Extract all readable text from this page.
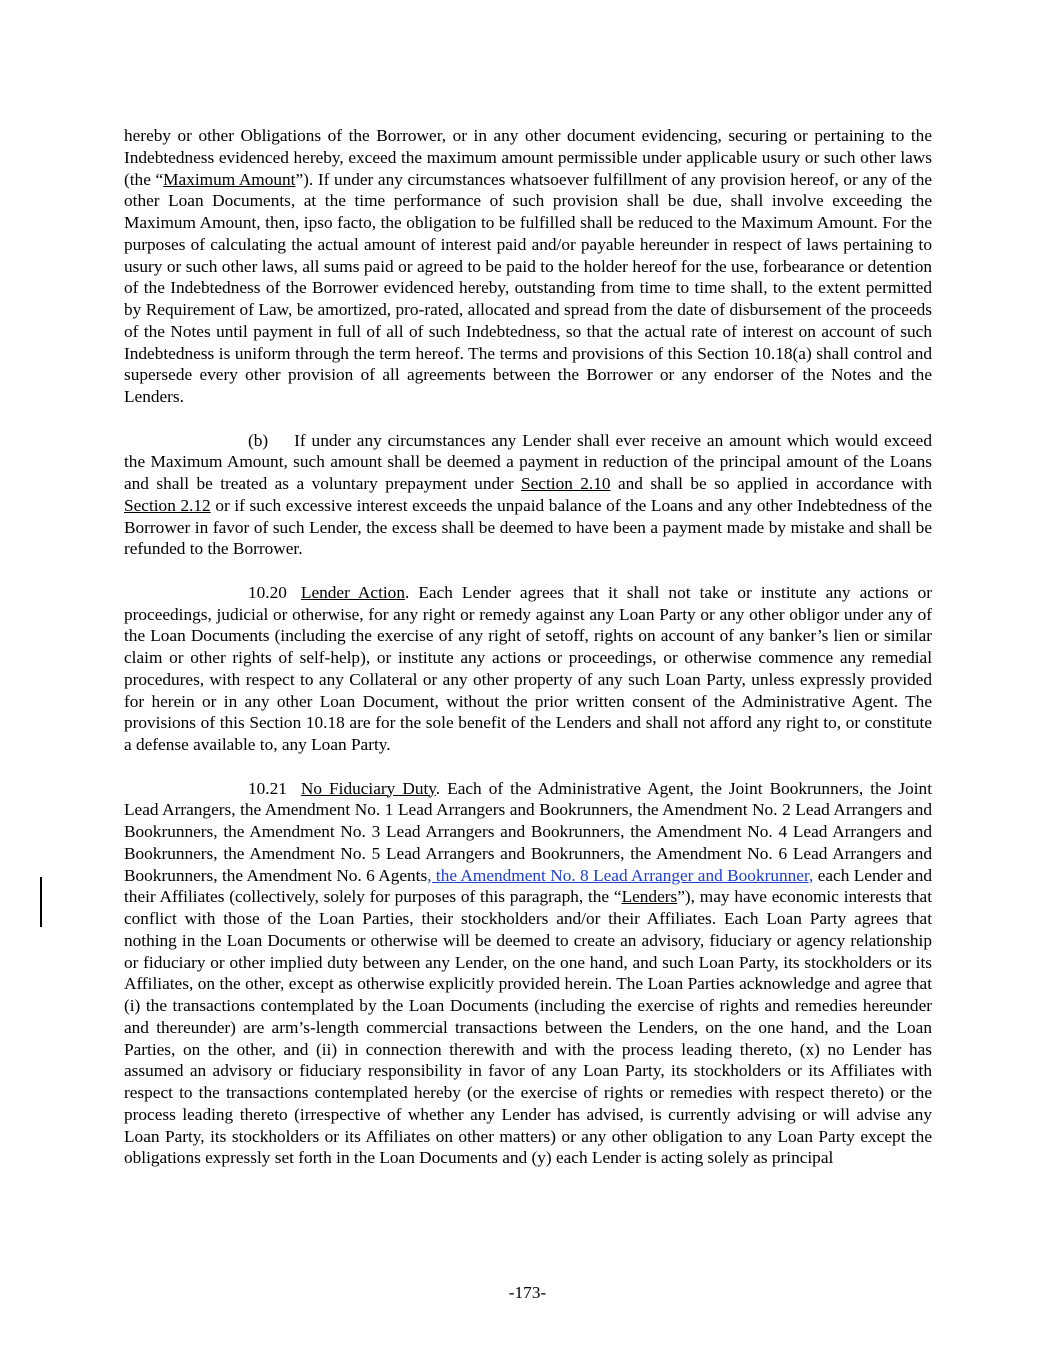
hereby or other Obligations of the Borrower, or in any other document evidencing, securing or pertaining to the Indebtedness evidenced hereby, exceed the maximum amount permissible under applicable usury or such other laws (the “Maximum Amount”). If under any circumstances whatsoever fulfillment of any provision hereof, or any of the other Loan Documents, at the time performance of such provision shall be due, shall involve exceeding the Maximum Amount, then, ipso facto, the obligation to be fulfilled shall be reduced to the Maximum Amount. For the purposes of calculating the actual amount of interest paid and/or payable hereunder in respect of laws pertaining to usury or such other laws, all sums paid or agreed to be paid to the holder hereof for the use, forbearance or detention of the Indebtedness of the Borrower evidenced hereby, outstanding from time to time shall, to the extent permitted by Requirement of Law, be amortized, pro-rated, allocated and spread from the date of disbursement of the proceeds of the Notes until payment in full of all of such Indebtedness, so that the actual rate of interest on account of such Indebtedness is uniform through the term hereof. The terms and provisions of this Section 10.18(a) shall control and supersede every other provision of all agreements between the Borrower or any endorser of the Notes and the Lenders.

(b) If under any circumstances any Lender shall ever receive an amount which would exceed the Maximum Amount, such amount shall be deemed a payment in reduction of the principal amount of the Loans and shall be treated as a voluntary prepayment under Section 2.10 and shall be so applied in accordance with Section 2.12 or if such excessive interest exceeds the unpaid balance of the Loans and any other Indebtedness of the Borrower in favor of such Lender, the excess shall be deemed to have been a payment made by mistake and shall be refunded to the Borrower.

10.20 Lender Action. Each Lender agrees that it shall not take or institute any actions or proceedings, judicial or otherwise, for any right or remedy against any Loan Party or any other obligor under any of the Loan Documents (including the exercise of any right of setoff, rights on account of any banker’s lien or similar claim or other rights of self-help), or institute any actions or proceedings, or otherwise commence any remedial procedures, with respect to any Collateral or any other property of any such Loan Party, unless expressly provided for herein or in any other Loan Document, without the prior written consent of the Administrative Agent. The provisions of this Section 10.18 are for the sole benefit of the Lenders and shall not afford any right to, or constitute a defense available to, any Loan Party.

10.21 No Fiduciary Duty. Each of the Administrative Agent, the Joint Bookrunners, the Joint Lead Arrangers, the Amendment No. 1 Lead Arrangers and Bookrunners, the Amendment No. 2 Lead Arrangers and Bookrunners, the Amendment No. 3 Lead Arrangers and Bookrunners, the Amendment No. 4 Lead Arrangers and Bookrunners, the Amendment No. 5 Lead Arrangers and Bookrunners, the Amendment No. 6 Lead Arrangers and Bookrunners, the Amendment No. 6 Agents, the Amendment No. 8 Lead Arranger and Bookrunner, each Lender and their Affiliates (collectively, solely for purposes of this paragraph, the “Lenders”), may have economic interests that conflict with those of the Loan Parties, their stockholders and/or their Affiliates. Each Loan Party agrees that nothing in the Loan Documents or otherwise will be deemed to create an advisory, fiduciary or agency relationship or fiduciary or other implied duty between any Lender, on the one hand, and such Loan Party, its stockholders or its Affiliates, on the other, except as otherwise explicitly provided herein. The Loan Parties acknowledge and agree that (i) the transactions contemplated by the Loan Documents (including the exercise of rights and remedies hereunder and thereunder) are arm’s-length commercial transactions between the Lenders, on the one hand, and the Loan Parties, on the other, and (ii) in connection therewith and with the process leading thereto, (x) no Lender has assumed an advisory or fiduciary responsibility in favor of any Loan Party, its stockholders or its Affiliates with respect to the transactions contemplated hereby (or the exercise of rights or remedies with respect thereto) or the process leading thereto (irrespective of whether any Lender has advised, is currently advising or will advise any Loan Party, its stockholders or its Affiliates on other matters) or any other obligation to any Loan Party except the obligations expressly set forth in the Loan Documents and (y) each Lender is acting solely as principal

-173-
